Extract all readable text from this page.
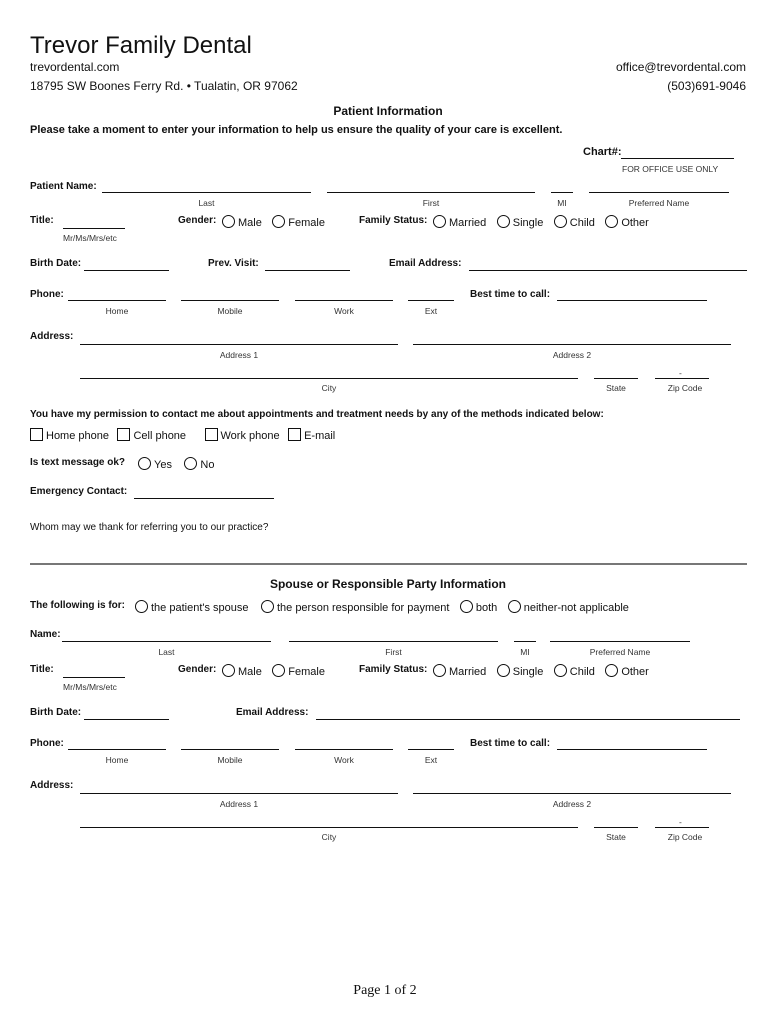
Trevor Family Dental
trevordental.com	office@trevordental.com
18795 SW Boones Ferry Rd. • Tualatin, OR 97062	(503)691-9046
Patient Information
Please take a moment to enter your information to help us ensure the quality of your care is excellent.
Chart#:
FOR OFFICE USE ONLY
Patient Name:
Last	First	MI	Preferred Name
Title:
Mr/Ms/Mrs/etc
Gender:	Male Female	Family Status:	Married Single Child Other
Birth Date:	Prev. Visit:	Email Address:
Phone:
Home	Mobile	Work	Ext
Best time to call:
Address:
Address 1	Address 2
-
City	State	Zip Code
You have my permission to contact me about appointments and treatment needs by any of the methods indicated below:
Home phone Cell phone	Work phone E-mail
Is text message ok?	Yes	No
Emergency Contact:
Whom may we thank for referring you to our practice?
Spouse or Responsible Party Information
The following is for:	the patient's spouse	the person responsible for payment both neither-not applicable
Name:
Last	First	MI	Preferred Name
Title:
Mr/Ms/Mrs/etc
Gender:	Male Female	Family Status:	Married Single Child Other
Birth Date:	Email Address:
Phone:
Home	Mobile	Work	Ext
Best time to call:
Address:
Address 1	Address 2
-
City	State	Zip Code
Page 1 of 2
